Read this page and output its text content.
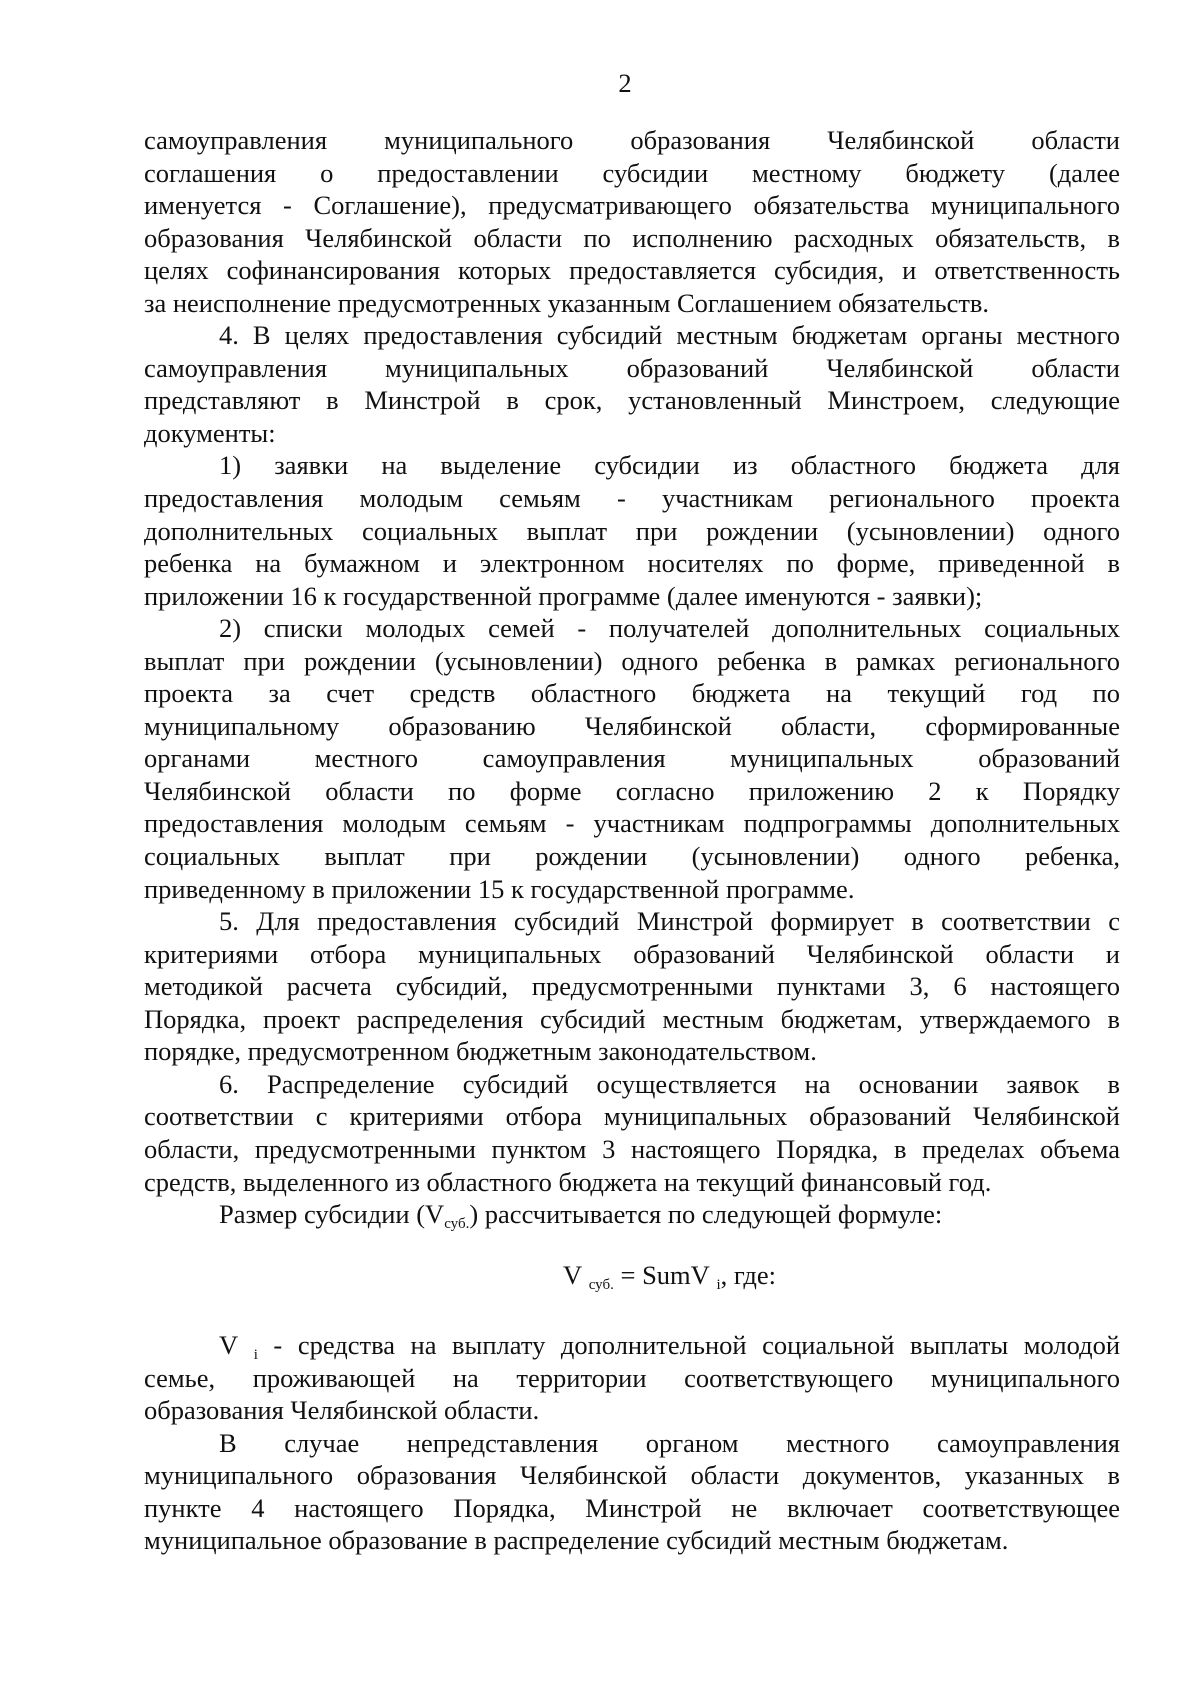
2
самоуправления муниципального образования Челябинской области
соглашения о предоставлении субсидии местному бюджету (далее
именуется - Соглашение), предусматривающего обязательства муниципального
образования Челябинской области по исполнению расходных обязательств, в
целях софинансирования которых предоставляется субсидия, и ответственность
за неисполнение предусмотренных указанным Соглашением обязательств.
4. В целях предоставления субсидий местным бюджетам органы местного
самоуправления муниципальных образований Челябинской области
представляют в Минстрой в срок, установленный Минстроем, следующие
документы:
1) заявки на выделение субсидии из областного бюджета для
предоставления молодым семьям - участникам регионального проекта
дополнительных социальных выплат при рождении (усыновлении) одного
ребенка на бумажном и электронном носителях по форме, приведенной в
приложении 16 к государственной программе (далее именуются - заявки);
2) списки молодых семей - получателей дополнительных социальных
выплат при рождении (усыновлении) одного ребенка в рамках регионального
проекта за счет средств областного бюджета на текущий год по
муниципальному образованию Челябинской области, сформированные
органами местного самоуправления муниципальных образований
Челябинской области по форме согласно приложению 2 к Порядку
предоставления молодым семьям - участникам подпрограммы дополнительных
социальных выплат при рождении (усыновлении) одного ребенка,
приведенному в приложении 15 к государственной программе.
5. Для предоставления субсидий Минстрой формирует в соответствии с
критериями отбора муниципальных образований Челябинской области и
методикой расчета субсидий, предусмотренными пунктами 3, 6 настоящего
Порядка, проект распределения субсидий местным бюджетам, утверждаемого в
порядке, предусмотренном бюджетным законодательством.
6. Распределение субсидий осуществляется на основании заявок в
соответствии с критериями отбора муниципальных образований Челябинской
области, предусмотренными пунктом 3 настоящего Порядка, в пределах объема
средств, выделенного из областного бюджета на текущий финансовый год.
Размер субсидии $(V_{суб.})$ рассчитывается по следующей формуле:
V $_{суб.}$ = SumV $_i$, где:
V $_i$ - средства на выплату дополнительной социальной выплаты молодой
семье, проживающей на территории соответствующего муниципального
образования Челябинской области.
В случае непредставления органом местного самоуправления
муниципального образования Челябинской области документов, указанных в
пункте 4 настоящего Порядка, Минстрой не включает соответствующее
муниципальное образование в распределение субсидий местным бюджетам.
